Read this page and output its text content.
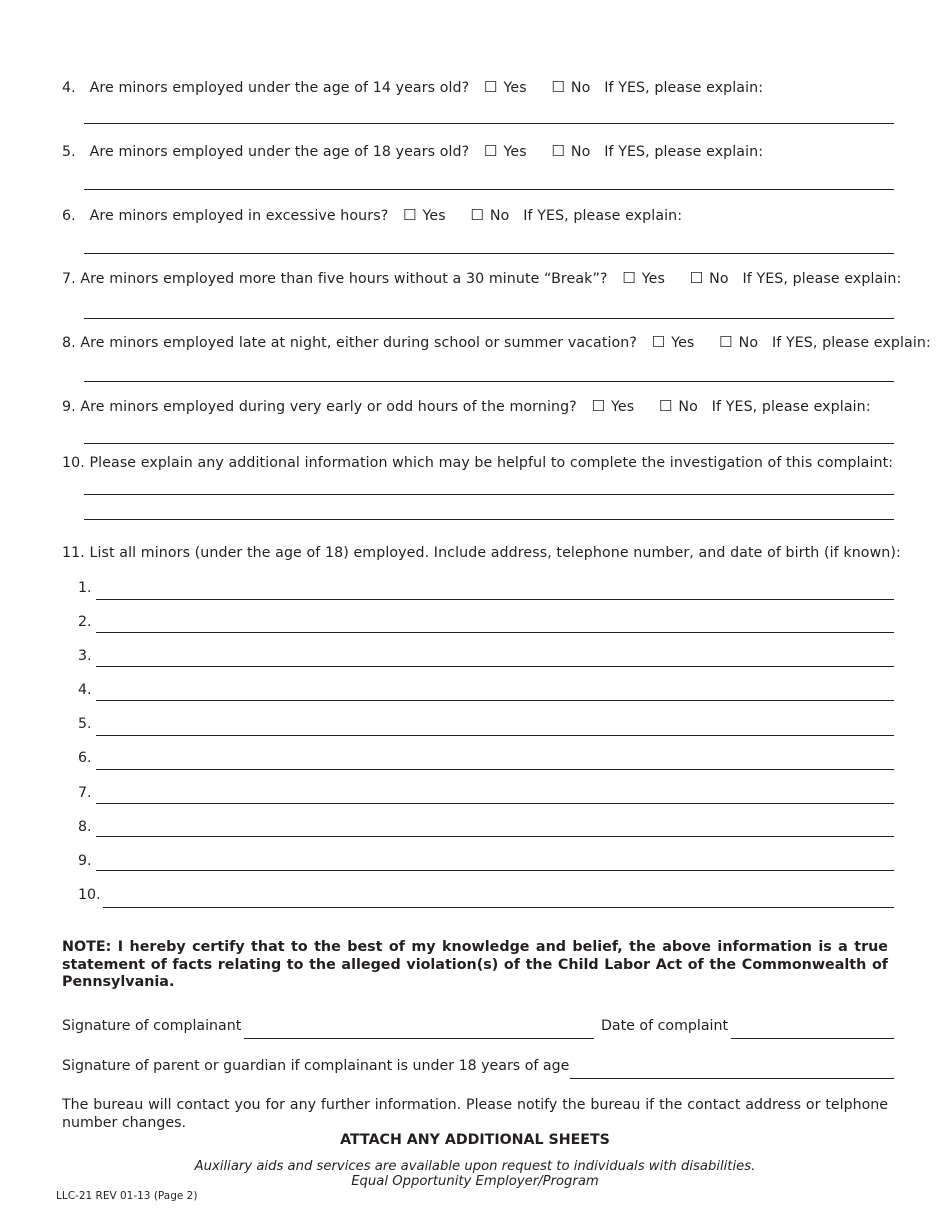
4. Are minors employed under the age of 14 years old? ☐ Yes ☐ No If YES, please explain:
5. Are minors employed under the age of 18 years old? ☐ Yes ☐ No If YES, please explain:
6. Are minors employed in excessive hours? ☐ Yes ☐ No If YES, please explain:
7. Are minors employed more than five hours without a 30 minute “Break”? ☐ Yes ☐ No If YES, please explain:
8. Are minors employed late at night, either during school or summer vacation? ☐ Yes ☐ No If YES, please explain:
9. Are minors employed during very early or odd hours of the morning? ☐ Yes ☐ No If YES, please explain:
10. Please explain any additional information which may be helpful to complete the investigation of this complaint:
11. List all minors (under the age of 18) employed. Include address, telephone number, and date of birth (if known):
1.
2.
3.
4.
5.
6.
7.
8.
9.
10.
NOTE: I hereby certify that to the best of my knowledge and belief, the above information is a true statement of facts relating to the alleged violation(s) of the Child Labor Act of the Commonwealth of Pennsylvania.
Signature of complainant	Date of complaint
Signature of parent or guardian if complainant is under 18 years of age
The bureau will contact you for any further information. Please notify the bureau if the contact address or telphone number changes.
ATTACH ANY ADDITIONAL SHEETS
Auxiliary aids and services are available upon request to individuals with disabilities.
Equal Opportunity Employer/Program
LLC-21 REV 01-13 (Page 2)
